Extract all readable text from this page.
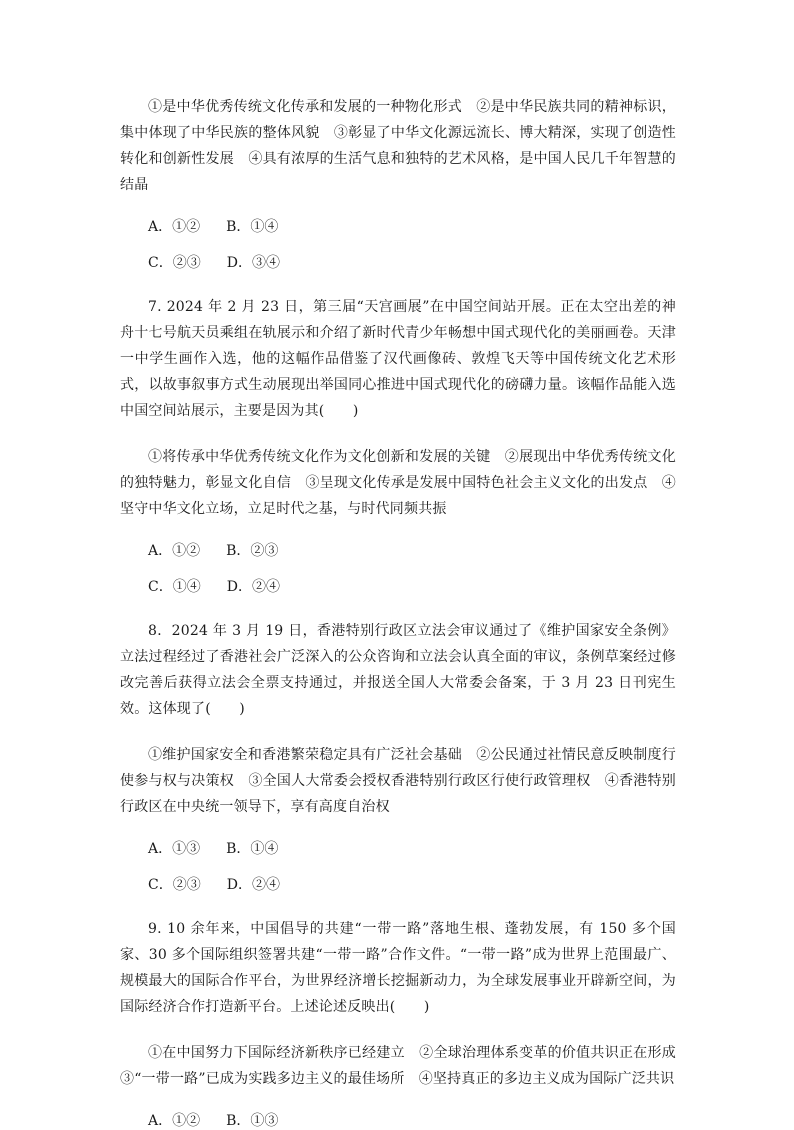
①是中华优秀传统文化传承和发展的一种物化形式　②是中华民族共同的精神标识，集中体现了中华民族的整体风貌　③彰显了中华文化源远流长、博大精深，实现了创造性转化和创新性发展　④具有浓厚的生活气息和独特的艺术风格，是中国人民几千年智慧的结晶

A．①② B．①④

C．②③ D．③④

7. 2024 年 2 月 23 日，第三届“天宫画展”在中国空间站开展。正在太空出差的神舟十七号航天员乘组在轨展示和介绍了新时代青少年畅想中国式现代化的美丽画卷。天津一中学生画作入选，他的这幅作品借鉴了汉代画像砖、敦煌飞天等中国传统文化艺术形式，以故事叙事方式生动展现出举国同心推进中国式现代化的磅礴力量。该幅作品能入选中国空间站展示，主要是因为其(　　)

①将传承中华优秀传统文化作为文化创新和发展的关键　②展现出中华优秀传统文化的独特魅力，彰显文化自信　③呈现文化传承是发展中国特色社会主义文化的出发点　④坚守中华文化立场，立足时代之基，与时代同频共振

A．①② B．②③

C．①④ D．②④

8．2024 年 3 月 19 日，香港特别行政区立法会审议通过了《维护国家安全条例》 立法过程经过了香港社会广泛深入的公众咨询和立法会认真全面的审议，条例草案经过修改完善后获得立法会全票支持通过，并报送全国人大常委会备案，于 3 月 23 日刊宪生效。这体现了(　　)

①维护国家安全和香港繁荣稳定具有广泛社会基础　②公民通过社情民意反映制度行使参与权与决策权　③全国人大常委会授权香港特别行政区行使行政管理权　④香港特别行政区在中央统一领导下，享有高度自治权

A．①③ B．①④

C．②③ D．②④

9. 10 余年来，中国倡导的共建“一带一路”落地生根、蓬勃发展，有 150 多个国家、30 多个国际组织签署共建“一带一路”合作文件。“一带一路”成为世界上范围最广、规模最大的国际合作平台，为世界经济增长挖掘新动力，为全球发展事业开辟新空间，为国际经济合作打造新平台。上述论述反映出(　　)

①在中国努力下国际经济新秩序已经建立　②全球治理体系变革的价值共识正在形成③“一带一路”已成为实践多边主义的最佳场所　④坚持真正的多边主义成为国际广泛共识

A．①② B．①③
